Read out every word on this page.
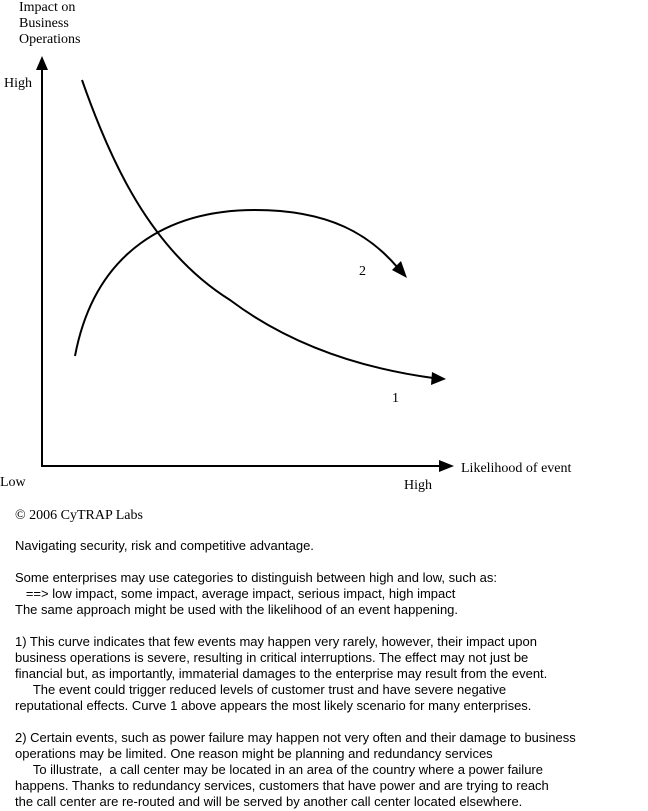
Impact on Business Operations
High
Low	High
Likelihood of event
1
2
© 2006 CyTRAP Labs

Navigating security, risk and competitive advantage.

Some enterprises may use categories to distinguish between high and low, such as:

==> low impact, some impact, average impact, serious impact, high impact

The same approach might be used with the likelihood of an event happening.

1) This curve indicates that few events may happen very rarely, however, their impact upon

business operations is severe, resulting in critical interruptions. The effect may not just be

financial but, as importantly, immaterial damages to the enterprise may result from the event.

The event could trigger reduced levels of customer trust and have severe negative

reputational effects. Curve 1 above appears the most likely scenario for many enterprises.

2) Certain events, such as power failure may happen not very often and their damage to business

operations may be limited. One reason might be planning and redundancy services

To illustrate,  a call center may be located in an area of the country where a power failure

happens. Thanks to redundancy services, customers that have power and are trying to reach

the call center are re-routed and will be served by another call center located elsewhere.
